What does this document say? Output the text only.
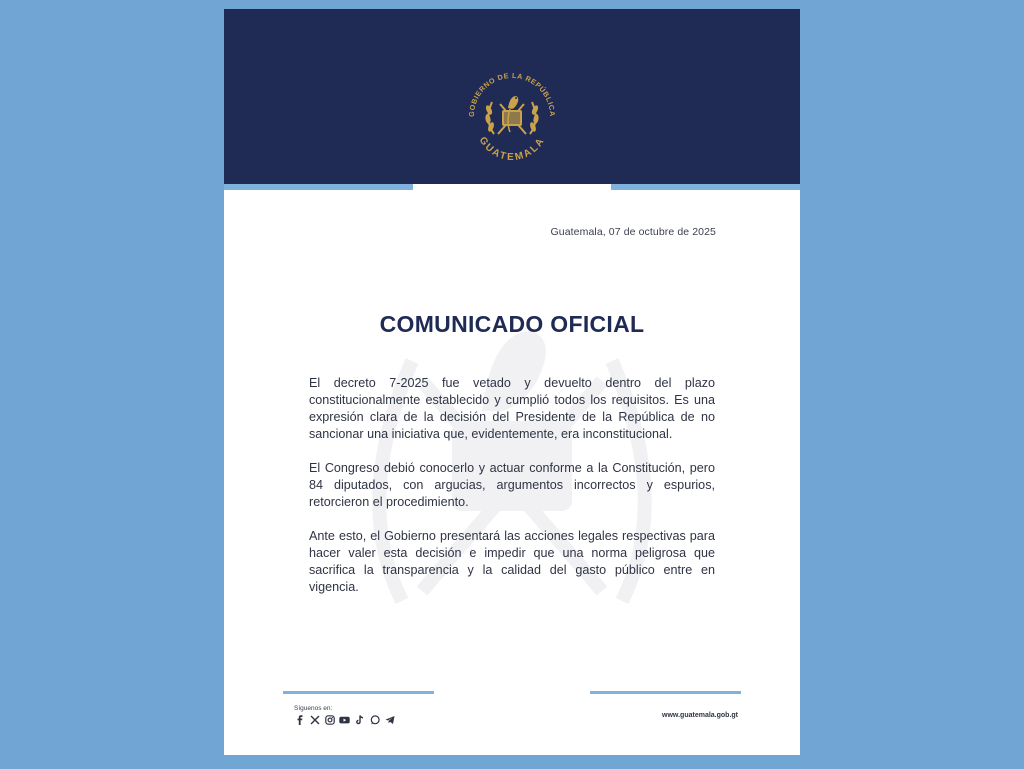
GOBIERNO DE LA REPÚBLICA
GUATEMALA
Guatemala, 07 de octubre de 2025
COMUNICADO OFICIAL

El decreto 7-2025 fue vetado y devuelto dentro del plazo constitucionalmente establecido y cumplió todos los requisitos. Es una expresión clara de la decisión del Presidente de la República de no sancionar una iniciativa que, evidentemente, era inconstitucional.

El Congreso debió conocerlo y actuar conforme a la Constitución, pero 84 diputados, con argucias, argumentos incorrectos y espurios, retorcieron el procedimiento.

Ante esto, el Gobierno presentará las acciones legales respectivas para hacer valer esta decisión e impedir que una norma peligrosa que sacrifica la transparencia y la calidad del gasto público entre en vigencia.

Síguenos en:
www.guatemala.gob.gt
